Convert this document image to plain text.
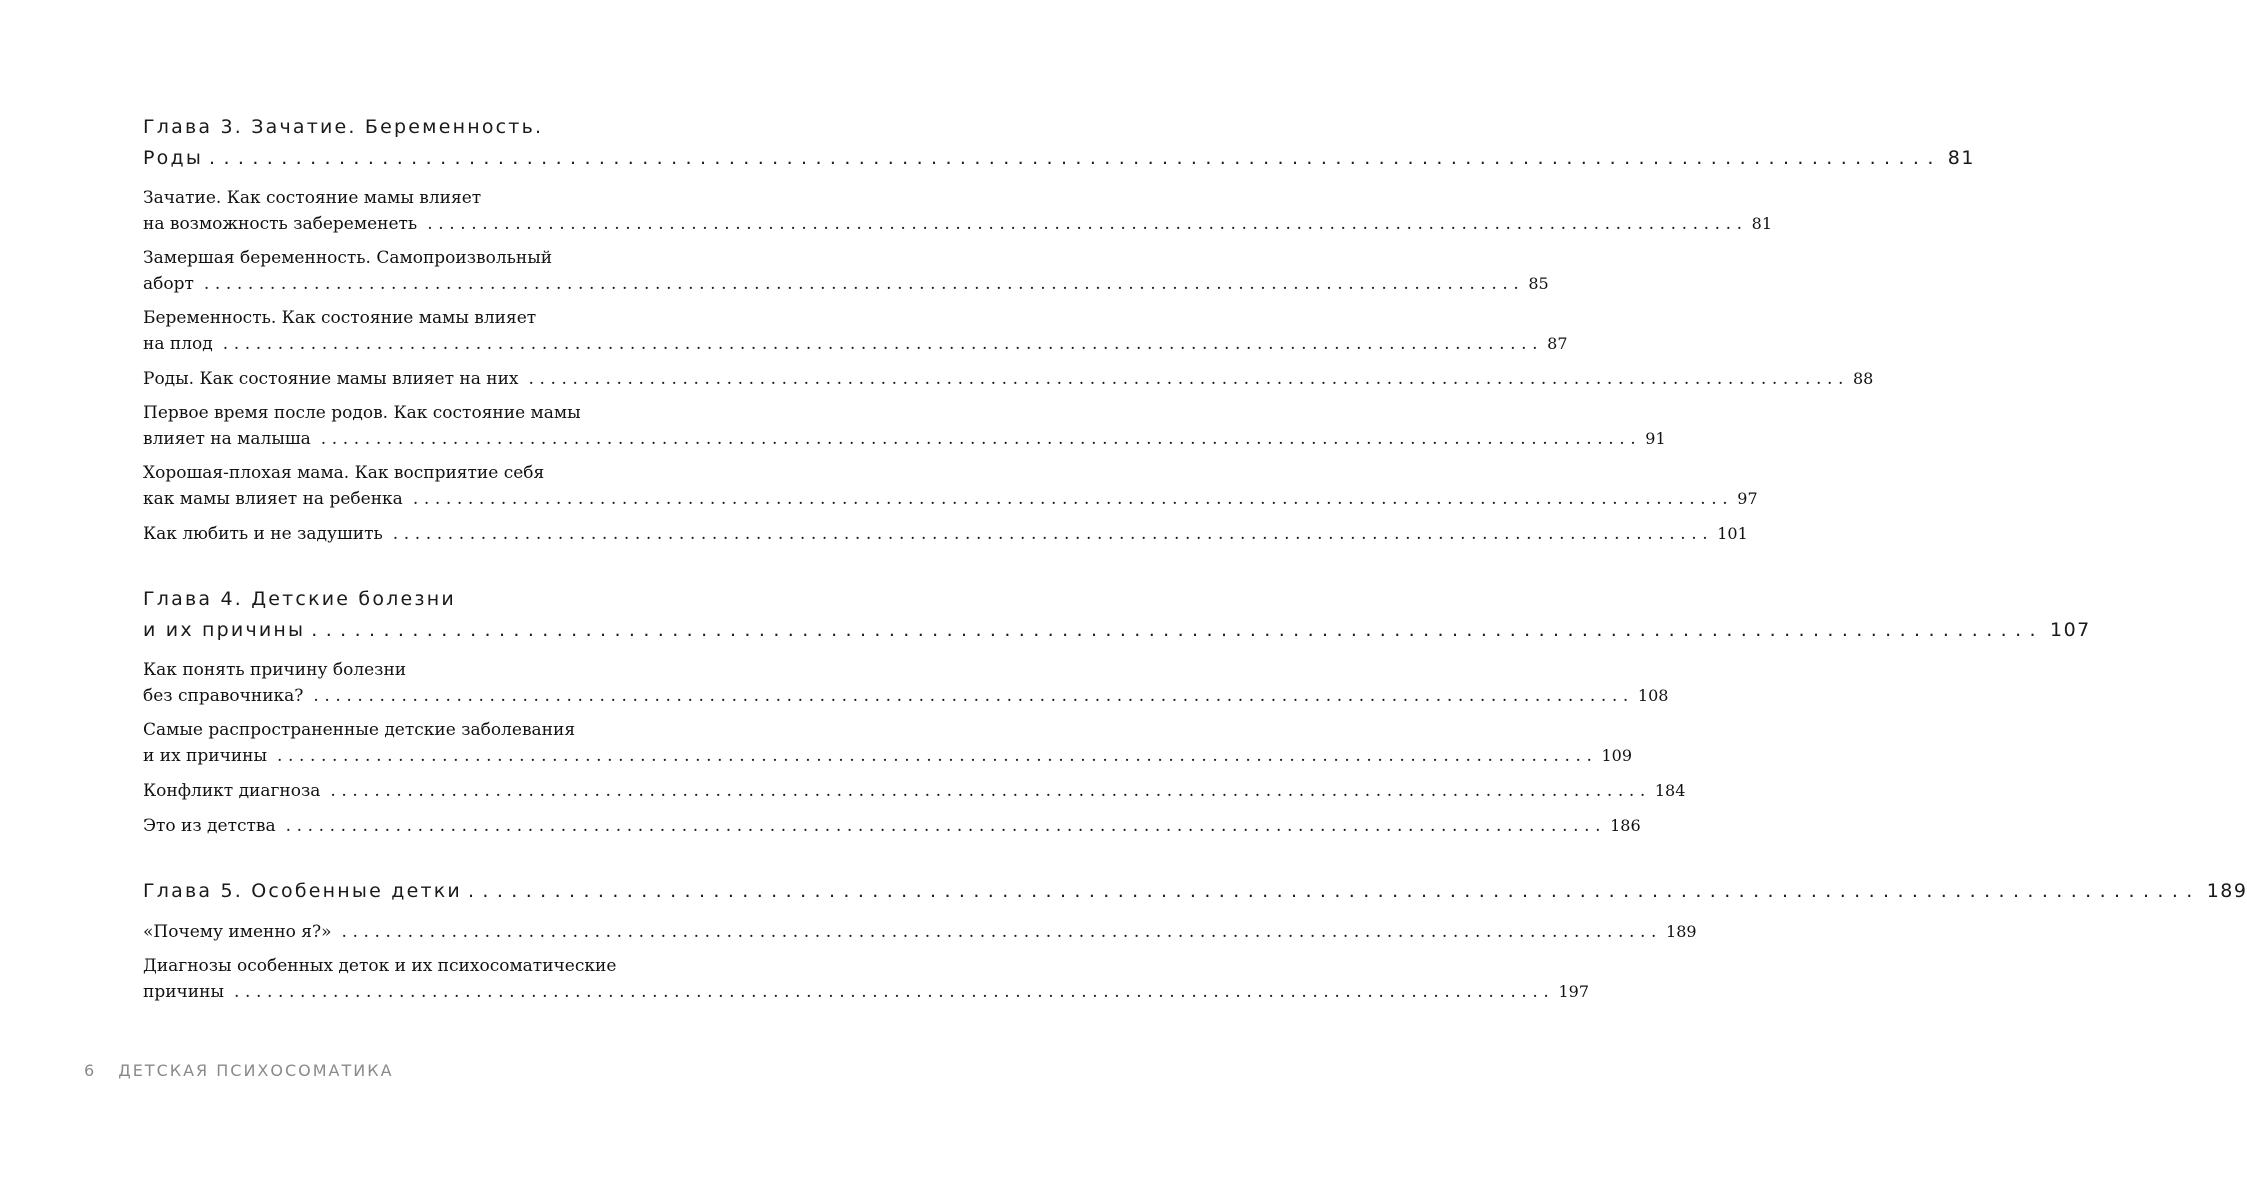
Глава 3. Зачатие. Беременность.
Роды ........................................................................................................................ 81
Зачатие. Как состояние мамы влияет
на возможность забеременеть ........................................................................................................................ 81
Замершая беременность. Самопроизвольный
аборт ........................................................................................................................ 85
Беременность. Как состояние мамы влияет
на плод ........................................................................................................................ 87
Роды. Как состояние мамы влияет на них ........................................................................................................................ 88
Первое время после родов. Как состояние мамы
влияет на малыша ........................................................................................................................ 91
Хорошая-плохая мама. Как восприятие себя
как мамы влияет на ребенка ........................................................................................................................ 97
Как любить и не задушить ........................................................................................................................ 101
Глава 4. Детские болезни
и их причины ........................................................................................................................ 107
Как понять причину болезни
без справочника? ........................................................................................................................ 108
Самые распространенные детские заболевания
и их причины ........................................................................................................................ 109
Конфликт диагноза ........................................................................................................................ 184
Это из детства ........................................................................................................................ 186
Глава 5. Особенные детки ........................................................................................................................ 189
«Почему именно я?» ........................................................................................................................ 189
Диагнозы особенных деток и их психосоматические
причины ........................................................................................................................ 197
6 ДЕТСКАЯ ПСИХОСОМАТИКА
